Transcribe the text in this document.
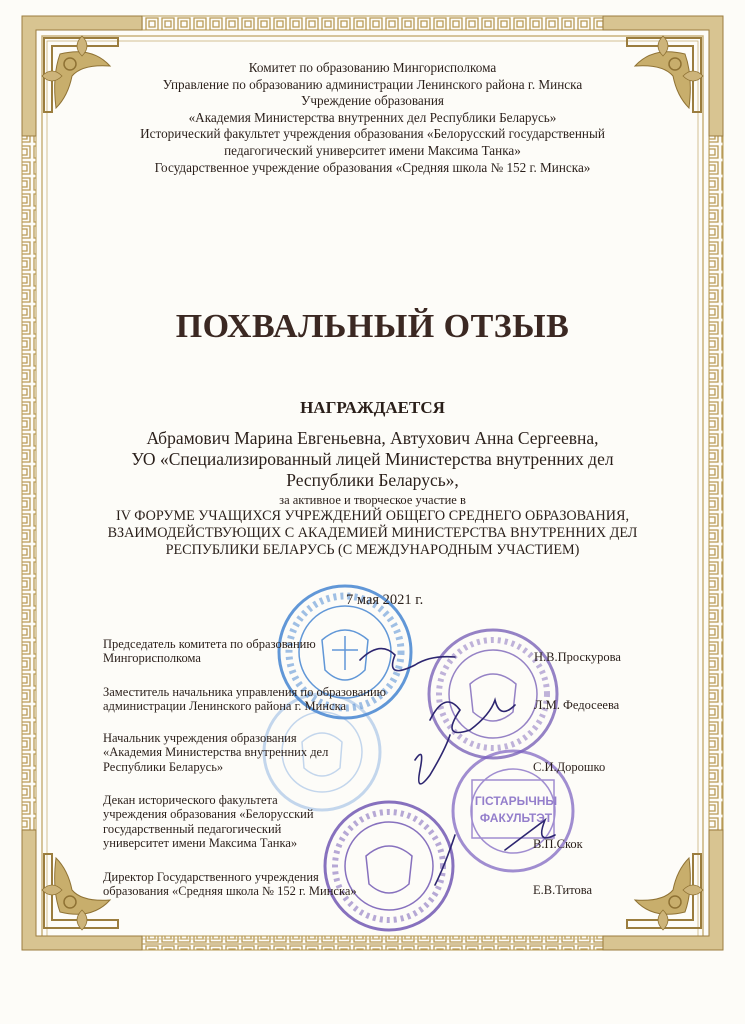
Комитет по образованию Мингорисполкома
Управление по образованию администрации Ленинского района г. Минска
Учреждение образования
«Академия Министерства внутренних дел Республики Беларусь»
Исторический факультет учреждения образования «Белорусский государственный
педагогический университет имени Максима Танка»
Государственное учреждение образования «Средняя школа № 152 г. Минска»
ПОХВАЛЬНЫЙ ОТЗЫВ
НАГРАЖДАЕТСЯ
Абрамович Марина Евгеньевна, Автухович Анна Сергеевна,
УО «Специализированный лицей Министерства внутренних дел
Республики Беларусь»,
за активное и творческое участие в
IV ФОРУМЕ УЧАЩИХСЯ УЧРЕЖДЕНИЙ ОБЩЕГО СРЕДНЕГО ОБРАЗОВАНИЯ,
ВЗАИМОДЕЙСТВУЮЩИХ С АКАДЕМИЕЙ МИНИСТЕРСТВА ВНУТРЕННИХ ДЕЛ
РЕСПУБЛИКИ БЕЛАРУСЬ (С МЕЖДУНАРОДНЫМ УЧАСТИЕМ)
7 мая 2021 г.
ГІСТАРЫЧНЫ
ФАКУЛЬТЭТ
Председатель комитета по образованию
Мингорисполкома	Н.В.Проскурова
Заместитель начальника управления по образованию
администрации Ленинского района г. Минска	Л.М. Федосеева
Начальник учреждения образования
«Академия Министерства внутренних дел
Республики Беларусь»	С.И.Дорошко
Декан исторического факультета
учреждения образования «Белорусский
государственный педагогический
университет имени Максима Танка»	В.П.Скок
Директор Государственного учреждения
образования «Средняя школа № 152 г. Минска»	Е.В.Титова
